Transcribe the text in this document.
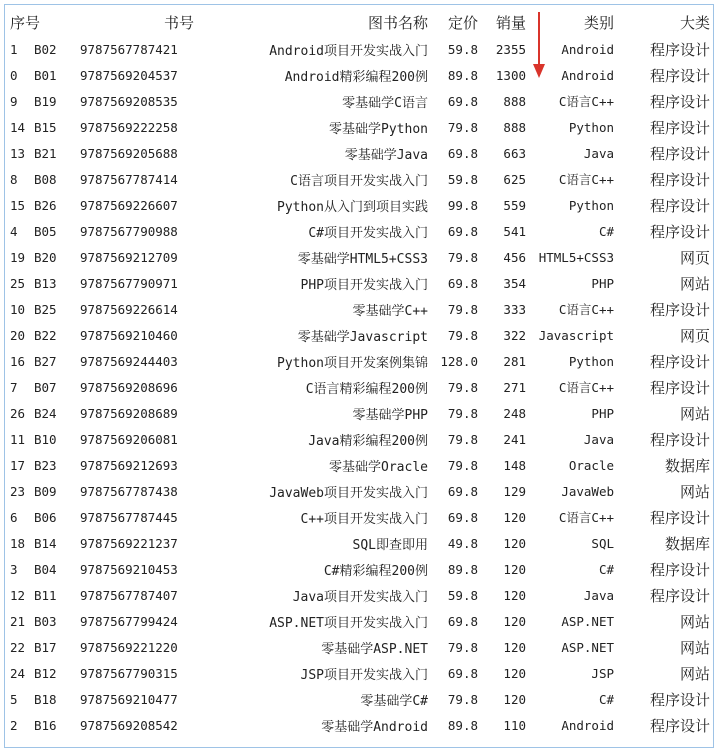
序号		书号	图书名称	定价	销量	类别	大类
1	B02	9787567787421	Android项目开发实战入门	59.8	2355	Android	程序设计
0	B01	9787569204537	Android精彩编程200例	89.8	1300	Android	程序设计
9	B19	9787569208535	零基础学C语言	69.8	888	C语言C++	程序设计
14	B15	9787569222258	零基础学Python	79.8	888	Python	程序设计
13	B21	9787569205688	零基础学Java	69.8	663	Java	程序设计
8	B08	9787567787414	C语言项目开发实战入门	59.8	625	C语言C++	程序设计
15	B26	9787569226607	Python从入门到项目实践	99.8	559	Python	程序设计
4	B05	9787567790988	C#项目开发实战入门	69.8	541	C#	程序设计
19	B20	9787569212709	零基础学HTML5+CSS3	79.8	456	HTML5+CSS3	网页
25	B13	9787567790971	PHP项目开发实战入门	69.8	354	PHP	网站
10	B25	9787569226614	零基础学C++	79.8	333	C语言C++	程序设计
20	B22	9787569210460	零基础学Javascript	79.8	322	Javascript	网页
16	B27	9787569244403	Python项目开发案例集锦	128.0	281	Python	程序设计
7	B07	9787569208696	C语言精彩编程200例	79.8	271	C语言C++	程序设计
26	B24	9787569208689	零基础学PHP	79.8	248	PHP	网站
11	B10	9787569206081	Java精彩编程200例	79.8	241	Java	程序设计
17	B23	9787569212693	零基础学Oracle	79.8	148	Oracle	数据库
23	B09	9787567787438	JavaWeb项目开发实战入门	69.8	129	JavaWeb	网站
6	B06	9787567787445	C++项目开发实战入门	69.8	120	C语言C++	程序设计
18	B14	9787569221237	SQL即查即用	49.8	120	SQL	数据库
3	B04	9787569210453	C#精彩编程200例	89.8	120	C#	程序设计
12	B11	9787567787407	Java项目开发实战入门	59.8	120	Java	程序设计
21	B03	9787567799424	ASP.NET项目开发实战入门	69.8	120	ASP.NET	网站
22	B17	9787569221220	零基础学ASP.NET	79.8	120	ASP.NET	网站
24	B12	9787567790315	JSP项目开发实战入门	69.8	120	JSP	网站
5	B18	9787569210477	零基础学C#	79.8	120	C#	程序设计
2	B16	9787569208542	零基础学Android	89.8	110	Android	程序设计
